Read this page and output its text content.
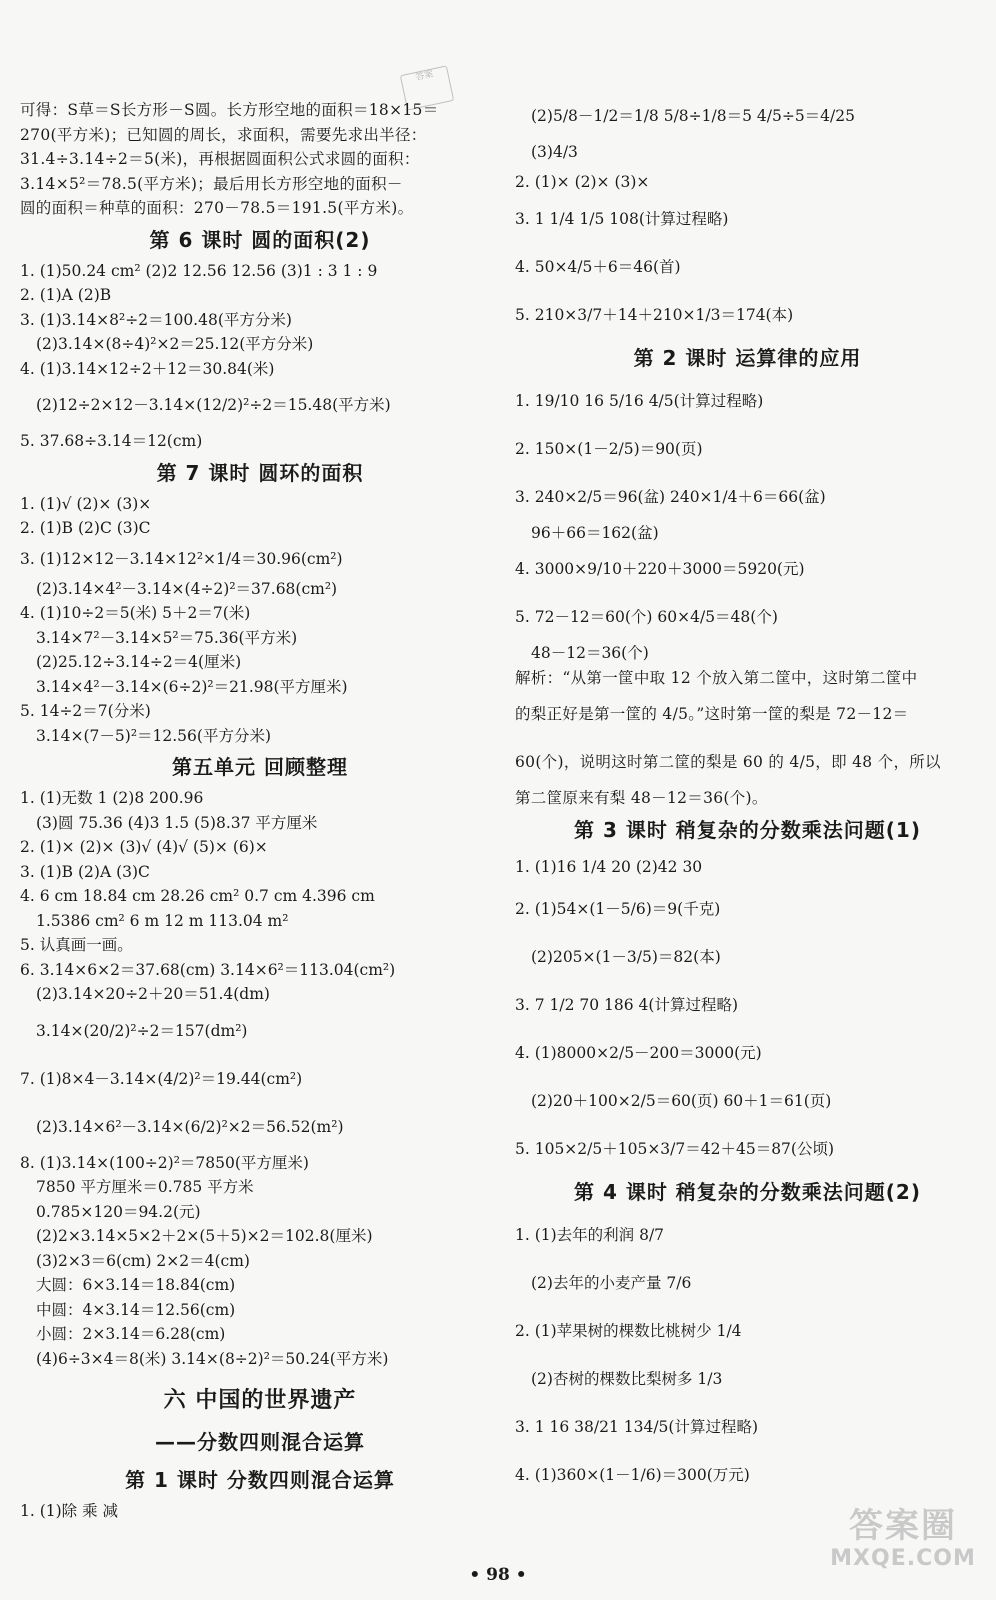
答案
可得：S草＝S长方形－S圆。长方形空地的面积＝18×15＝
270(平方米)；已知圆的周长，求面积，需要先求出半径：
31.4÷3.14÷2＝5(米)，再根据圆面积公式求圆的面积：
3.14×5²＝78.5(平方米)；最后用长方形空地的面积－
圆的面积＝种草的面积：270－78.5＝191.5(平方米)。
第 6 课时 圆的面积(2)
1. (1)50.24 cm² (2)2 12.56 12.56 (3)1 : 3 1 : 9
2. (1)A (2)B
3. (1)3.14×8²÷2＝100.48(平方分米)
(2)3.14×(8÷4)²×2＝25.12(平方分米)
4. (1)3.14×12÷2＋12＝30.84(米)
(2)12÷2×12－3.14×(12/2)²÷2＝15.48(平方米)
5. 37.68÷3.14＝12(cm)
第 7 课时 圆环的面积
1. (1)√ (2)× (3)×
2. (1)B (2)C (3)C
3. (1)12×12－3.14×12²×1/4＝30.96(cm²)
(2)3.14×4²－3.14×(4÷2)²＝37.68(cm²)
4. (1)10÷2＝5(米) 5＋2＝7(米)
3.14×7²－3.14×5²＝75.36(平方米)
(2)25.12÷3.14÷2＝4(厘米)
3.14×4²－3.14×(6÷2)²＝21.98(平方厘米)
5. 14÷2＝7(分米)
3.14×(7－5)²＝12.56(平方分米)
第五单元 回顾整理
1. (1)无数 1 (2)8 200.96
(3)圆 75.36 (4)3 1.5 (5)8.37 平方厘米
2. (1)× (2)× (3)√ (4)√ (5)× (6)×
3. (1)B (2)A (3)C
4. 6 cm 18.84 cm 28.26 cm² 0.7 cm 4.396 cm
1.5386 cm² 6 m 12 m 113.04 m²
5. 认真画一画。
6. 3.14×6×2＝37.68(cm) 3.14×6²＝113.04(cm²)
(2)3.14×20÷2＋20＝51.4(dm)
3.14×(20/2)²÷2＝157(dm²)
7. (1)8×4－3.14×(4/2)²＝19.44(cm²)
(2)3.14×6²－3.14×(6/2)²×2＝56.52(m²)
8. (1)3.14×(100÷2)²＝7850(平方厘米)
7850 平方厘米＝0.785 平方米
0.785×120＝94.2(元)
(2)2×3.14×5×2＋2×(5＋5)×2＝102.8(厘米)
(3)2×3＝6(cm) 2×2＝4(cm)
大圆：6×3.14＝18.84(cm)
中圆：4×3.14＝12.56(cm)
小圆：2×3.14＝6.28(cm)
(4)6÷3×4＝8(米) 3.14×(8÷2)²＝50.24(平方米)
六 中国的世界遗产
——分数四则混合运算
第 1 课时 分数四则混合运算
1. (1)除 乘 减
(2)5/8－1/2＝1/8 5/8÷1/8＝5 4/5÷5＝4/25
(3)4/3
2. (1)× (2)× (3)×
3. 1 1/4 1/5 108(计算过程略)
4. 50×4/5＋6＝46(首)
5. 210×3/7＋14＋210×1/3＝174(本)
第 2 课时 运算律的应用
1. 19/10 16 5/16 4/5(计算过程略)
2. 150×(1－2/5)＝90(页)
3. 240×2/5＝96(盆) 240×1/4＋6＝66(盆)
96＋66＝162(盆)
4. 3000×9/10＋220＋3000＝5920(元)
5. 72－12＝60(个) 60×4/5＝48(个)
48－12＝36(个)
解析：“从第一筐中取 12 个放入第二筐中，这时第二筐中
的梨正好是第一筐的 4/5。”这时第一筐的梨是 72－12＝
60(个)，说明这时第二筐的梨是 60 的 4/5，即 48 个，所以
第二筐原来有梨 48－12＝36(个)。
第 3 课时 稍复杂的分数乘法问题(1)
1. (1)16 1/4 20 (2)42 30
2. (1)54×(1－5/6)＝9(千克)
(2)205×(1－3/5)＝82(本)
3. 7 1/2 70 186 4(计算过程略)
4. (1)8000×2/5－200＝3000(元)
(2)20＋100×2/5＝60(页) 60＋1＝61(页)
5. 105×2/5＋105×3/7＝42＋45＝87(公顷)
第 4 课时 稍复杂的分数乘法问题(2)
1. (1)去年的利润 8/7
(2)去年的小麦产量 7/6
2. (1)苹果树的棵数比桃树少 1/4
(2)杏树的棵数比梨树多 1/3
3. 1 16 38/21 134/5(计算过程略)
4. (1)360×(1－1/6)＝300(万元)
• 98 •
答案圈
MXQE.COM
